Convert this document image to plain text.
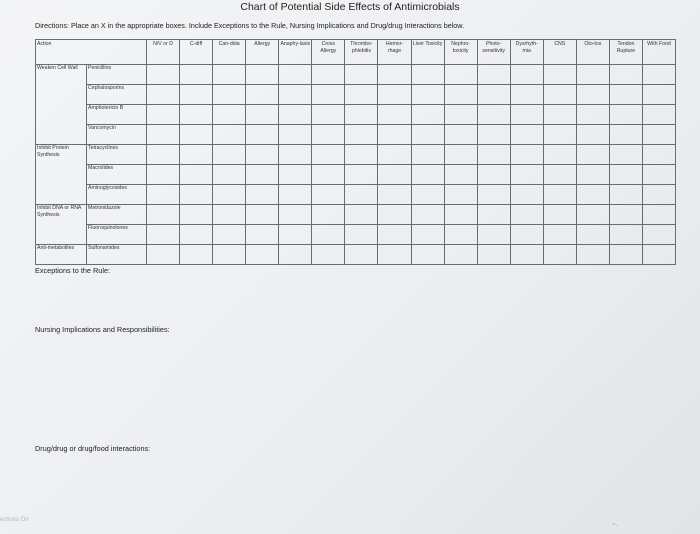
Chart of Potential Side Effects of Antimicrobials
Directions: Place an X in the appropriate boxes. Include Exceptions to the Rule, Nursing Implications and Drug/drug Interactions below.
Action		N/V or D	C-diff	Can-dida	Allergy	Anaphy-laxis	Cross Allergy	Thrombo-phlebitis	Hemor-rhage	Liver Toxicity	Nephro-toxicity	Photo-sensitivity	Dysrhyth-mia	CNS	Oto-tox	Tendon Rupture	With Food
Weaken Cell Wall	Penicillins																
	Cephalosporins																
	Amphotericin B																
	Vancomycin																
Inhibit Protein Synthesis	Tetracyclines																
	Macrolides																
	Aminoglycosides																
Inhibit DNA or RNA Synthesis	Metronidazole																
	Fluoroquinolones																
Anti-metabolites	Sulfonamides																
Exceptions to the Rule:
Nursing Implications and Responsibilities:
Drug/drug or drug/food interactions:
ections On
~.
